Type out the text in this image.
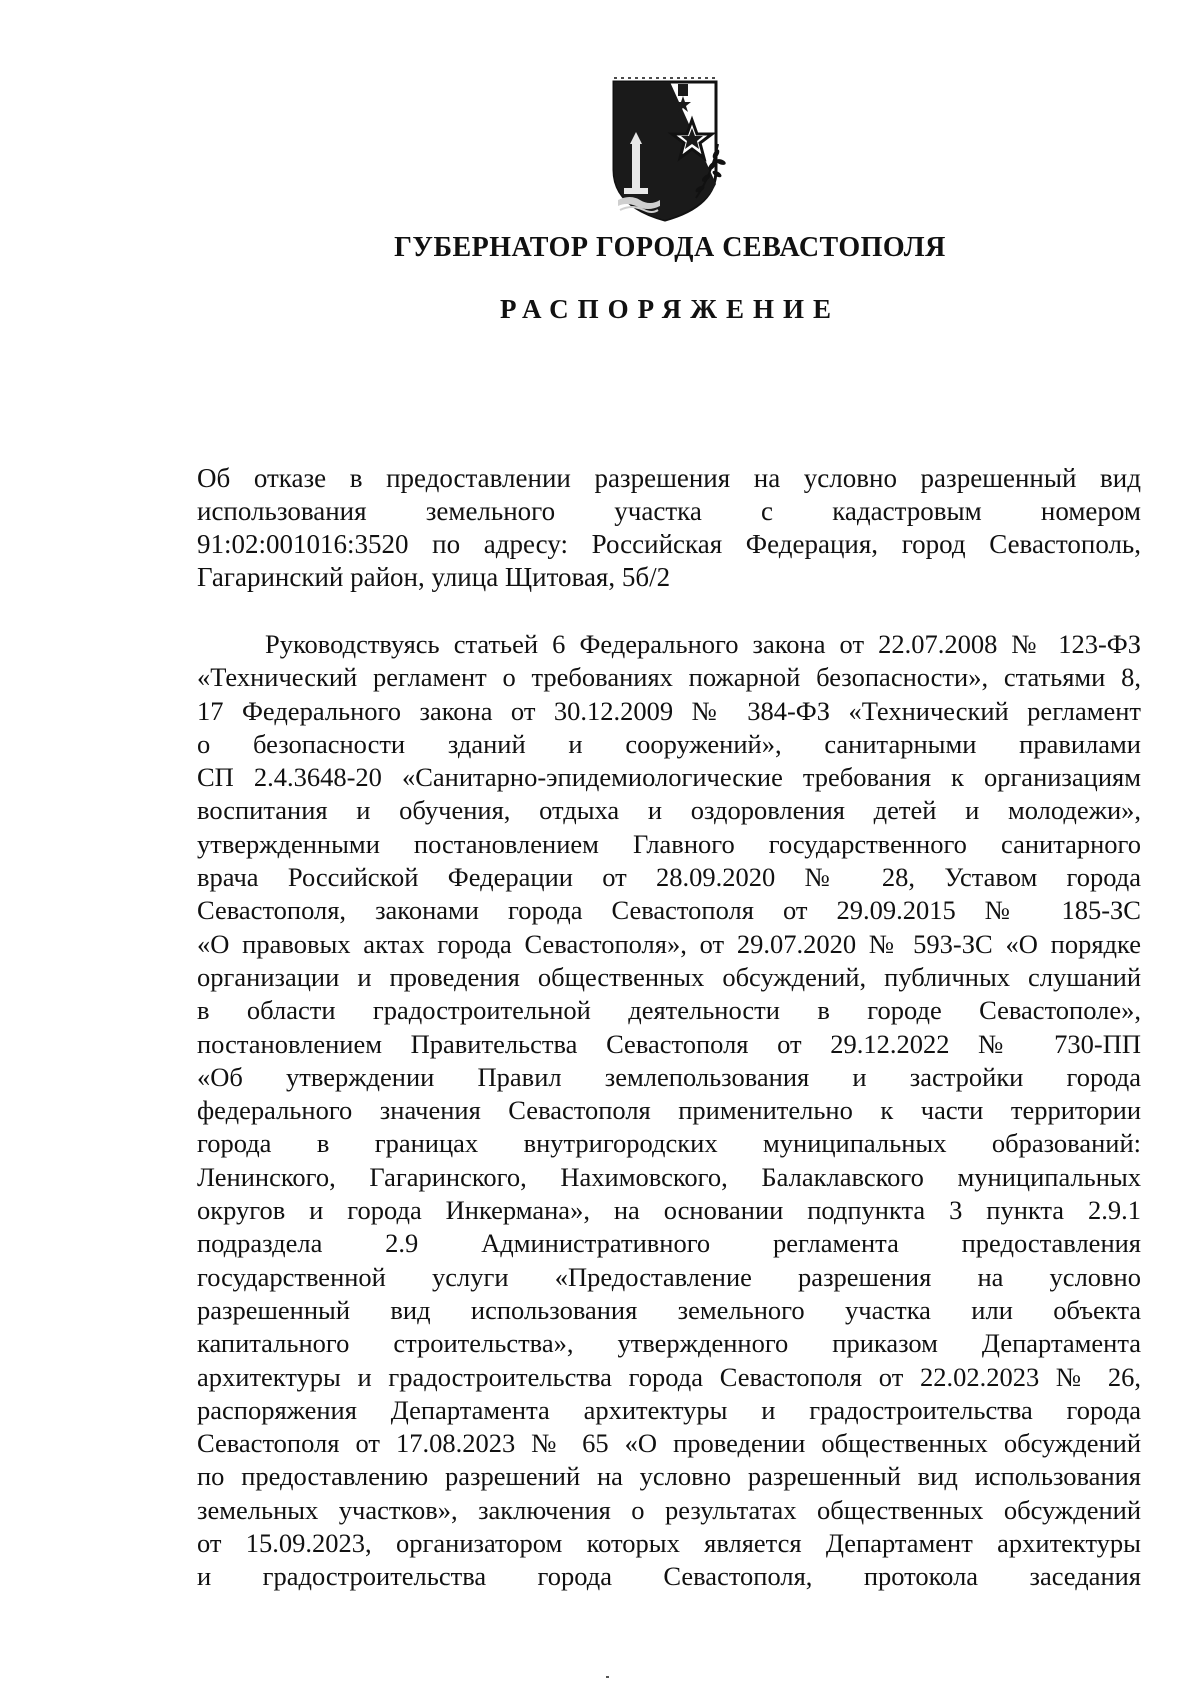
ГУБЕРНАТОР ГОРОДА СЕВАСТОПОЛЯ
РАСПОРЯЖЕНИЕ
Об отказе в предоставлении разрешения на условно разрешенный вид
использования земельного участка с кадастровым номером
91:02:001016:3520 по адресу: Российская Федерация, город Севастополь,
Гагаринский район, улица Щитовая, 5б/2
Руководствуясь статьей 6 Федерального закона от 22.07.2008 № 123-ФЗ
«Технический регламент о требованиях пожарной безопасности», статьями 8,
17 Федерального закона от 30.12.2009 № 384-ФЗ «Технический регламент
о безопасности зданий и сооружений», санитарными правилами
СП 2.4.3648-20 «Санитарно-эпидемиологические требования к организациям
воспитания и обучения, отдыха и оздоровления детей и молодежи»,
утвержденными постановлением Главного государственного санитарного
врача Российской Федерации от 28.09.2020 № 28, Уставом города
Севастополя, законами города Севастополя от 29.09.2015 № 185-ЗС
«О правовых актах города Севастополя», от 29.07.2020 № 593-ЗС «О порядке
организации и проведения общественных обсуждений, публичных слушаний
в области градостроительной деятельности в городе Севастополе»,
постановлением Правительства Севастополя от 29.12.2022 № 730-ПП
«Об утверждении Правил землепользования и застройки города
федерального значения Севастополя применительно к части территории
города в границах внутригородских муниципальных образований:
Ленинского, Гагаринского, Нахимовского, Балаклавского муниципальных
округов и города Инкермана», на основании подпункта 3 пункта 2.9.1
подраздела 2.9 Административного регламента предоставления
государственной услуги «Предоставление разрешения на условно
разрешенный вид использования земельного участка или объекта
капитального строительства», утвержденного приказом Департамента
архитектуры и градостроительства города Севастополя от 22.02.2023 № 26,
распоряжения Департамента архитектуры и градостроительства города
Севастополя от 17.08.2023 № 65 «О проведении общественных обсуждений
по предоставлению разрешений на условно разрешенный вид использования
земельных участков», заключения о результатах общественных обсуждений
от 15.09.2023, организатором которых является Департамент архитектуры
и градостроительства города Севастополя, протокола заседания
